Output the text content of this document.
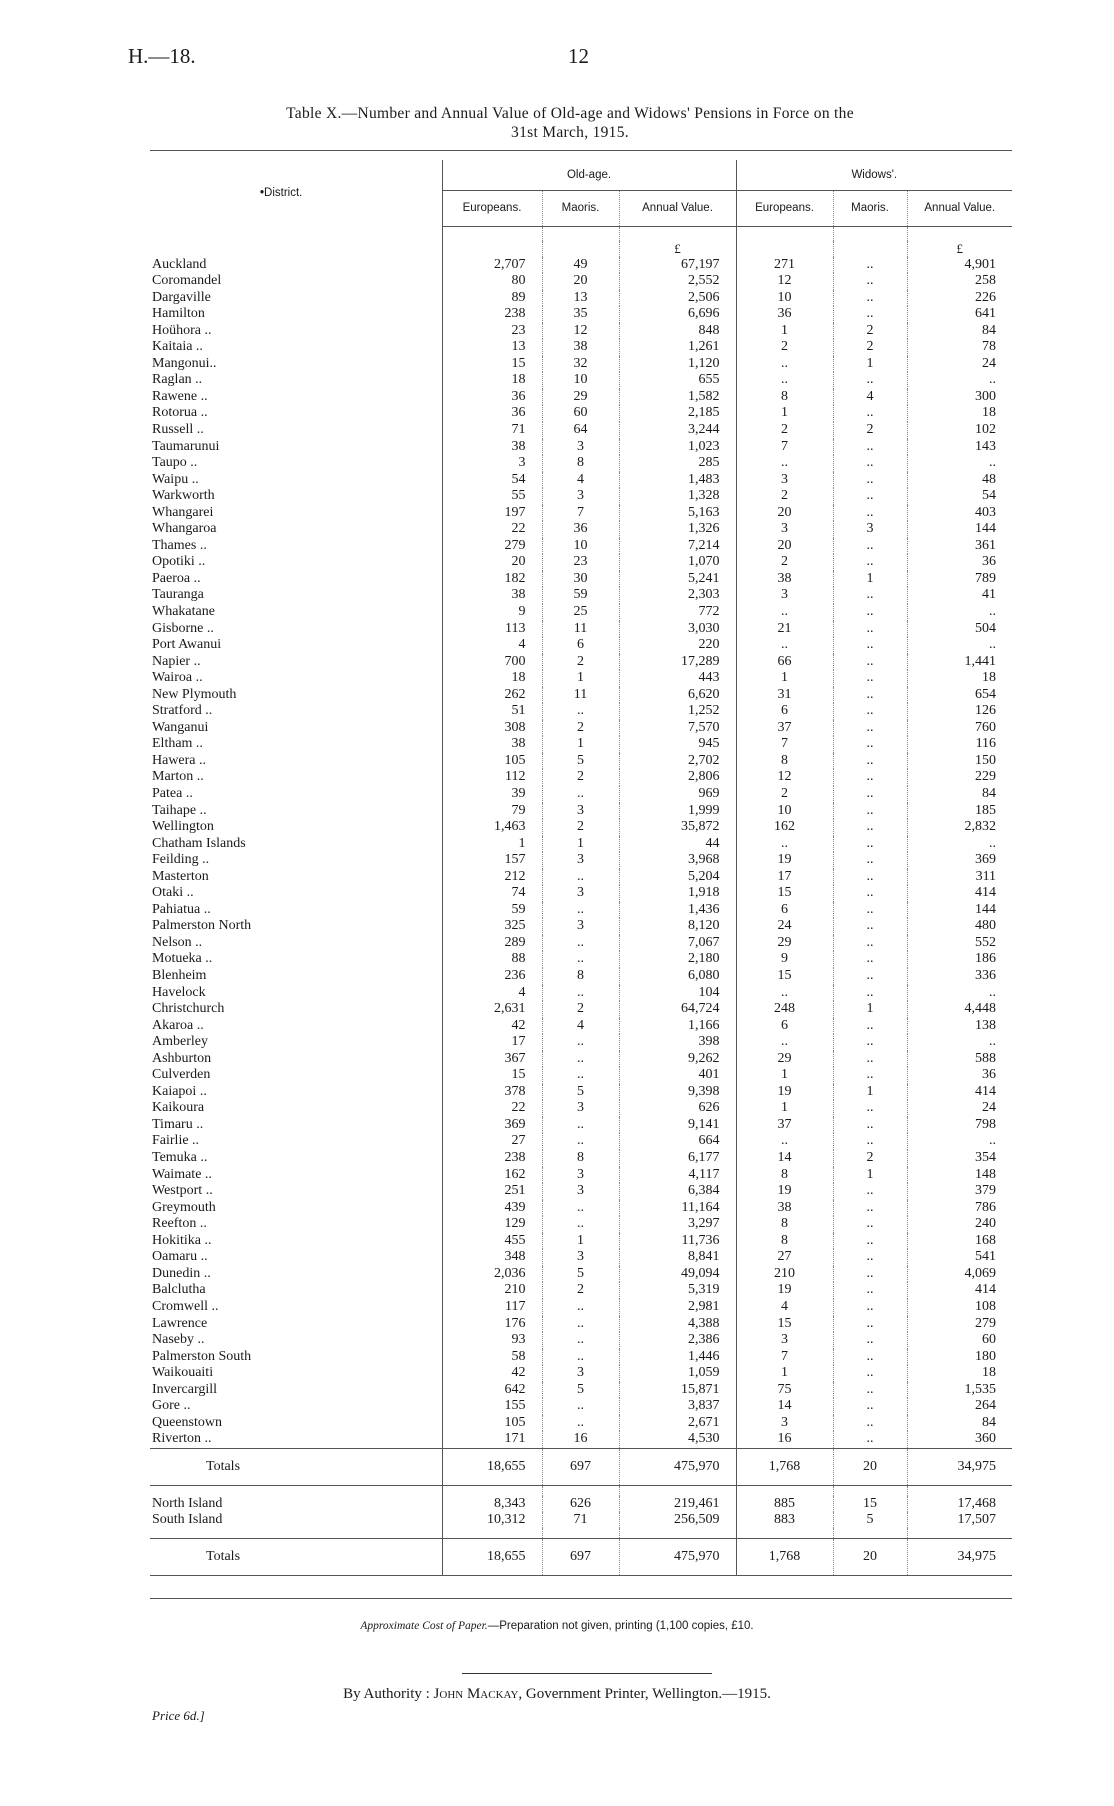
H.—18.	12
Table X.—Number and Annual Value of Old-age and Widows' Pensions in Force on the
31st March, 1915.
•District.	Old-age.			Widows'.		
	Europeans.	Maoris.	Annual Value.	Europeans.	Maoris.	Annual Value.

			£			£
Auckland	2,707	49	67,197	271	..	4,901
Coromandel	80	20	2,552	12	..	258
Dargaville	89	13	2,506	10	..	226
Hamilton	238	35	6,696	36	..	641
Hoühora ..	23	12	848	1	2	84
Kaitaia ..	13	38	1,261	2	2	78
Mangonui..	15	32	1,120	..	1	24
Raglan ..	18	10	655	..	..	..
Rawene ..	36	29	1,582	8	4	300
Rotorua ..	36	60	2,185	1	..	18
Russell ..	71	64	3,244	2	2	102
Taumarunui	38	3	1,023	7	..	143
Taupo ..	3	8	285	..	..	..
Waipu ..	54	4	1,483	3	..	48
Warkworth	55	3	1,328	2	..	54
Whangarei	197	7	5,163	20	..	403
Whangaroa	22	36	1,326	3	3	144
Thames ..	279	10	7,214	20	..	361
Opotiki ..	20	23	1,070	2	..	36
Paeroa ..	182	30	5,241	38	1	789
Tauranga	38	59	2,303	3	..	41
Whakatane	9	25	772	..	..	..
Gisborne ..	113	11	3,030	21	..	504
Port Awanui	4	6	220	..	..	..
Napier ..	700	2	17,289	66	..	1,441
Wairoa ..	18	1	443	1	..	18
New Plymouth	262	11	6,620	31	..	654
Stratford ..	51	..	1,252	6	..	126
Wanganui	308	2	7,570	37	..	760
Eltham ..	38	1	945	7	..	116
Hawera ..	105	5	2,702	8	..	150
Marton ..	112	2	2,806	12	..	229
Patea ..	39	..	969	2	..	84
Taihape ..	79	3	1,999	10	..	185
Wellington	1,463	2	35,872	162	..	2,832
Chatham Islands	1	1	44	..	..	..
Feilding ..	157	3	3,968	19	..	369
Masterton	212	..	5,204	17	..	311
Otaki ..	74	3	1,918	15	..	414
Pahiatua ..	59	..	1,436	6	..	144
Palmerston North	325	3	8,120	24	..	480
Nelson ..	289	..	7,067	29	..	552
Motueka ..	88	..	2,180	9	..	186
Blenheim	236	8	6,080	15	..	336
Havelock	4	..	104	..	..	..
Christchurch	2,631	2	64,724	248	1	4,448
Akaroa ..	42	4	1,166	6	..	138
Amberley	17	..	398	..	..	..
Ashburton	367	..	9,262	29	..	588
Culverden	15	..	401	1	..	36
Kaiapoi ..	378	5	9,398	19	1	414
Kaikoura	22	3	626	1	..	24
Timaru ..	369	..	9,141	37	..	798
Fairlie ..	27	..	664	..	..	..
Temuka ..	238	8	6,177	14	2	354
Waimate ..	162	3	4,117	8	1	148
Westport ..	251	3	6,384	19	..	379
Greymouth	439	..	11,164	38	..	786
Reefton ..	129	..	3,297	8	..	240
Hokitika ..	455	1	11,736	8	..	168
Oamaru ..	348	3	8,841	27	..	541
Dunedin ..	2,036	5	49,094	210	..	4,069
Balclutha	210	2	5,319	19	..	414
Cromwell ..	117	..	2,981	4	..	108
Lawrence	176	..	4,388	15	..	279
Naseby ..	93	..	2,386	3	..	60
Palmerston South	58	..	1,446	7	..	180
Waikouaiti	42	3	1,059	1	..	18
Invercargill	642	5	15,871	75	..	1,535
Gore ..	155	..	3,837	14	..	264
Queenstown	105	..	2,671	3	..	84
Riverton ..	171	16	4,530	16	..	360
Totals	18,655	697	475,970	1,768	20	34,975

North Island	8,343	626	219,461	885	15	17,468
South Island	10,312	71	256,509	883	5	17,507

Totals	18,655	697	475,970	1,768	20	34,975
Approximate Cost of Paper.—Preparation not given, printing (1,100 copies, £10.
By Authority : John Mackay, Government Printer, Wellington.—1915.
Price 6d.]
